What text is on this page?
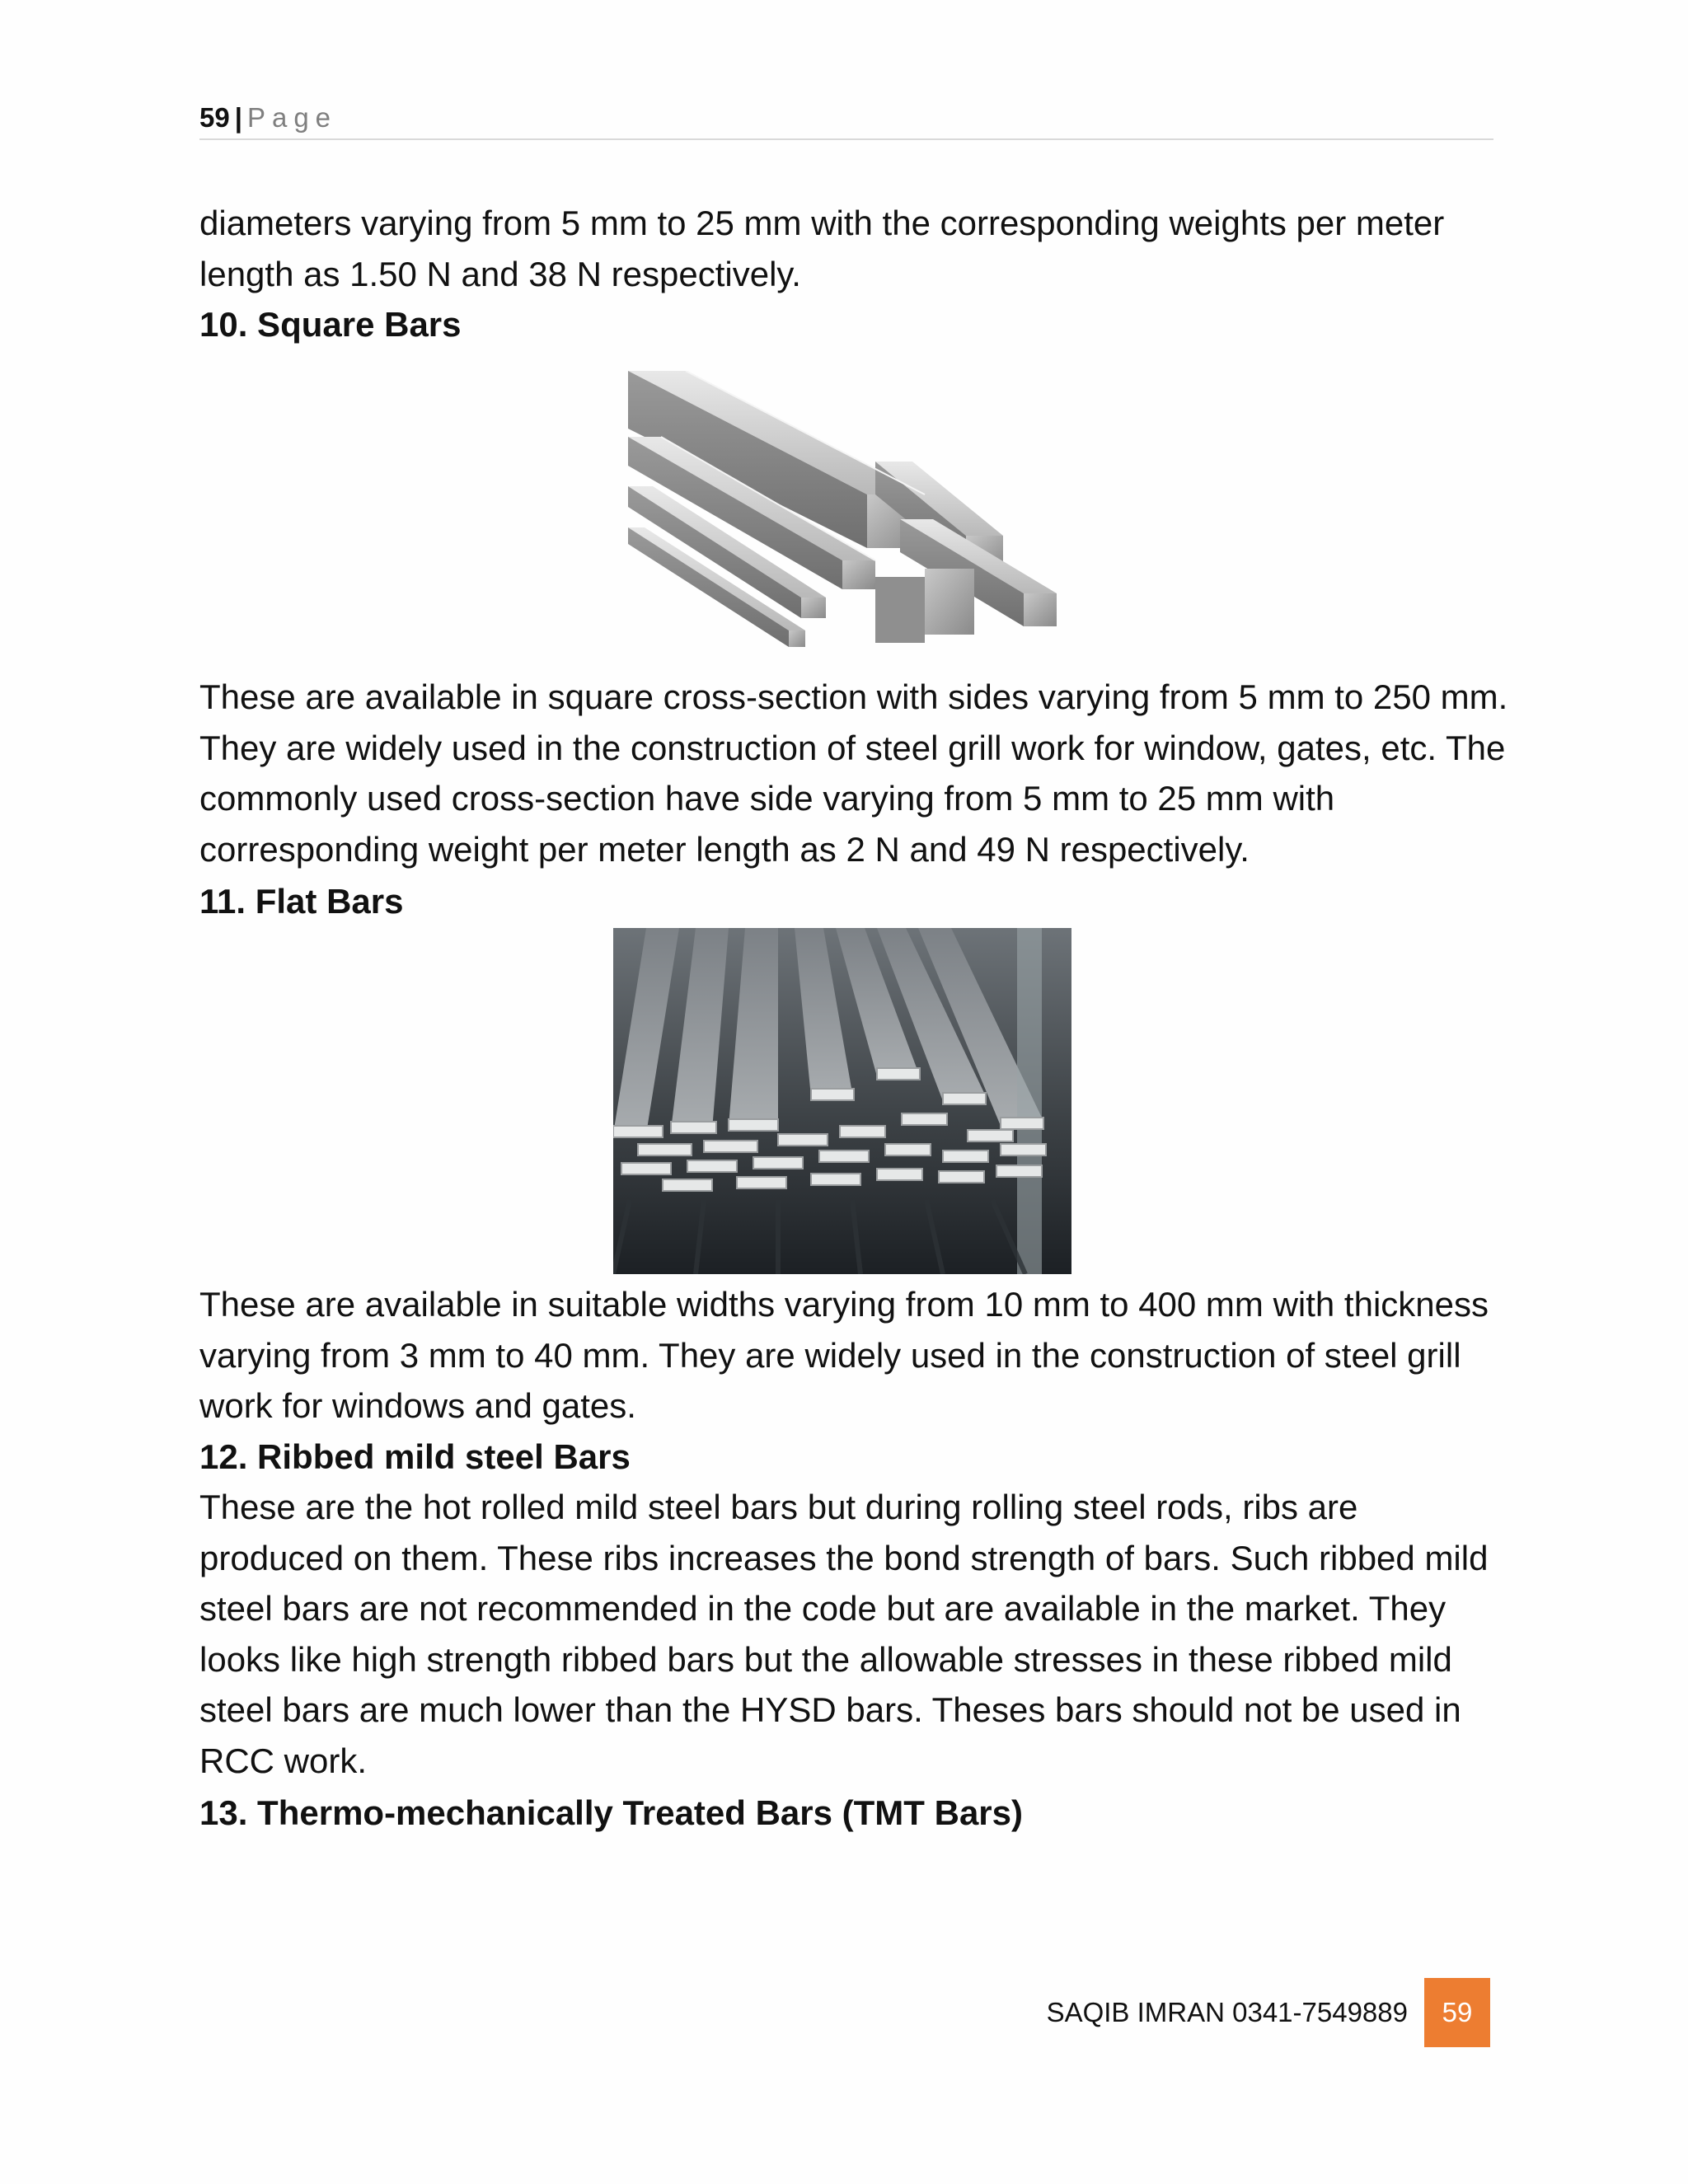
59 | Page

diameters varying from 5 mm to 25 mm with the corresponding weights per meter length as 1.50 N and 38 N respectively.

10. Square Bars

These are available in square cross-section with sides varying from 5 mm to 250 mm. They are widely used in the construction of steel grill work for window, gates, etc. The commonly used cross-section have side varying from 5 mm to 25 mm with corresponding weight per meter length as 2 N and 49 N respectively.

11. Flat Bars

These are available in suitable widths varying from 10 mm to 400 mm with thickness varying from 3 mm to 40 mm. They are widely used in the construction of steel grill work for windows and gates.

12. Ribbed mild steel Bars

These are the hot rolled mild steel bars but during rolling steel rods, ribs are produced on them. These ribs increases the bond strength of bars. Such ribbed mild steel bars are not recommended in the code but are available in the market. They looks like high strength ribbed bars but the allowable stresses in these ribbed mild steel bars are much lower than the HYSD bars. Theses bars should not be used in RCC work.

13. Thermo-mechanically Treated Bars (TMT Bars)

SAQIB IMRAN 0341-7549889	59
